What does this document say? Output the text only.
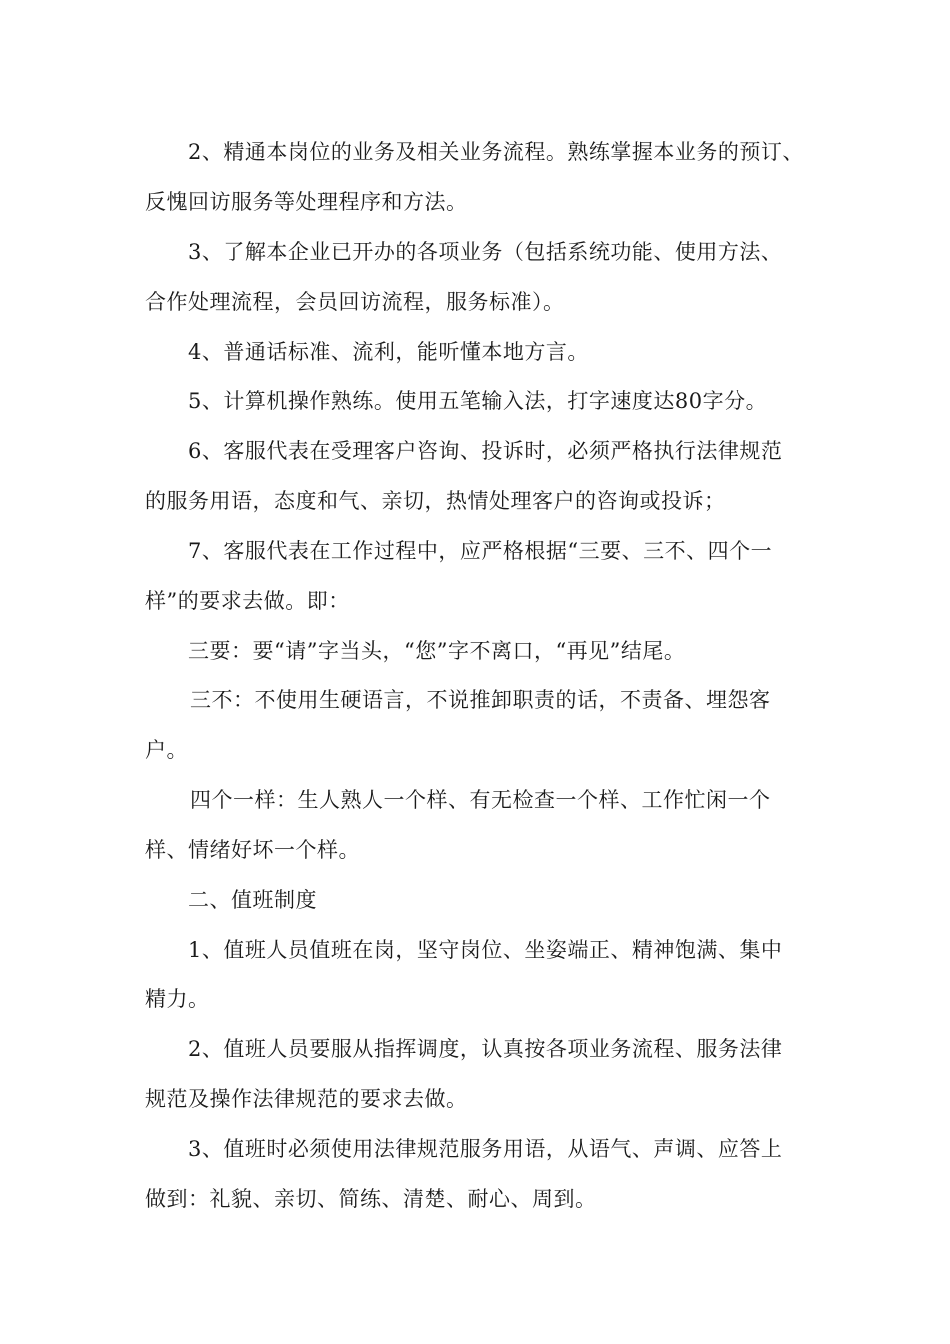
2、精通本岗位的业务及相关业务流程。熟练掌握本业务的预订、
反愧回访服务等处理程序和方法。
3、了解本企业已开办的各项业务（包括系统功能、使用方法、
合作处理流程，会员回访流程，服务标准）。
4、普通话标准、流利，能听懂本地方言。
5、计算机操作熟练。使用五笔输入法，打字速度达80字分。
6、客服代表在受理客户咨询、投诉时，必须严格执行法律规范
的服务用语，态度和气、亲切，热情处理客户的咨询或投诉；
7、客服代表在工作过程中，应严格根据“三要、三不、四个一
样”的要求去做。即：
三要：要“请”字当头，“您”字不离口，“再见”结尾。
三不：不使用生硬语言，不说推卸职责的话，不责备、埋怨客
户。
四个一样：生人熟人一个样、有无检查一个样、工作忙闲一个
样、情绪好坏一个样。
二、值班制度
1、值班人员值班在岗，坚守岗位、坐姿端正、精神饱满、集中
精力。
2、值班人员要服从指挥调度，认真按各项业务流程、服务法律
规范及操作法律规范的要求去做。
3、值班时必须使用法律规范服务用语，从语气、声调、应答上
做到：礼貌、亲切、简练、清楚、耐心、周到。
